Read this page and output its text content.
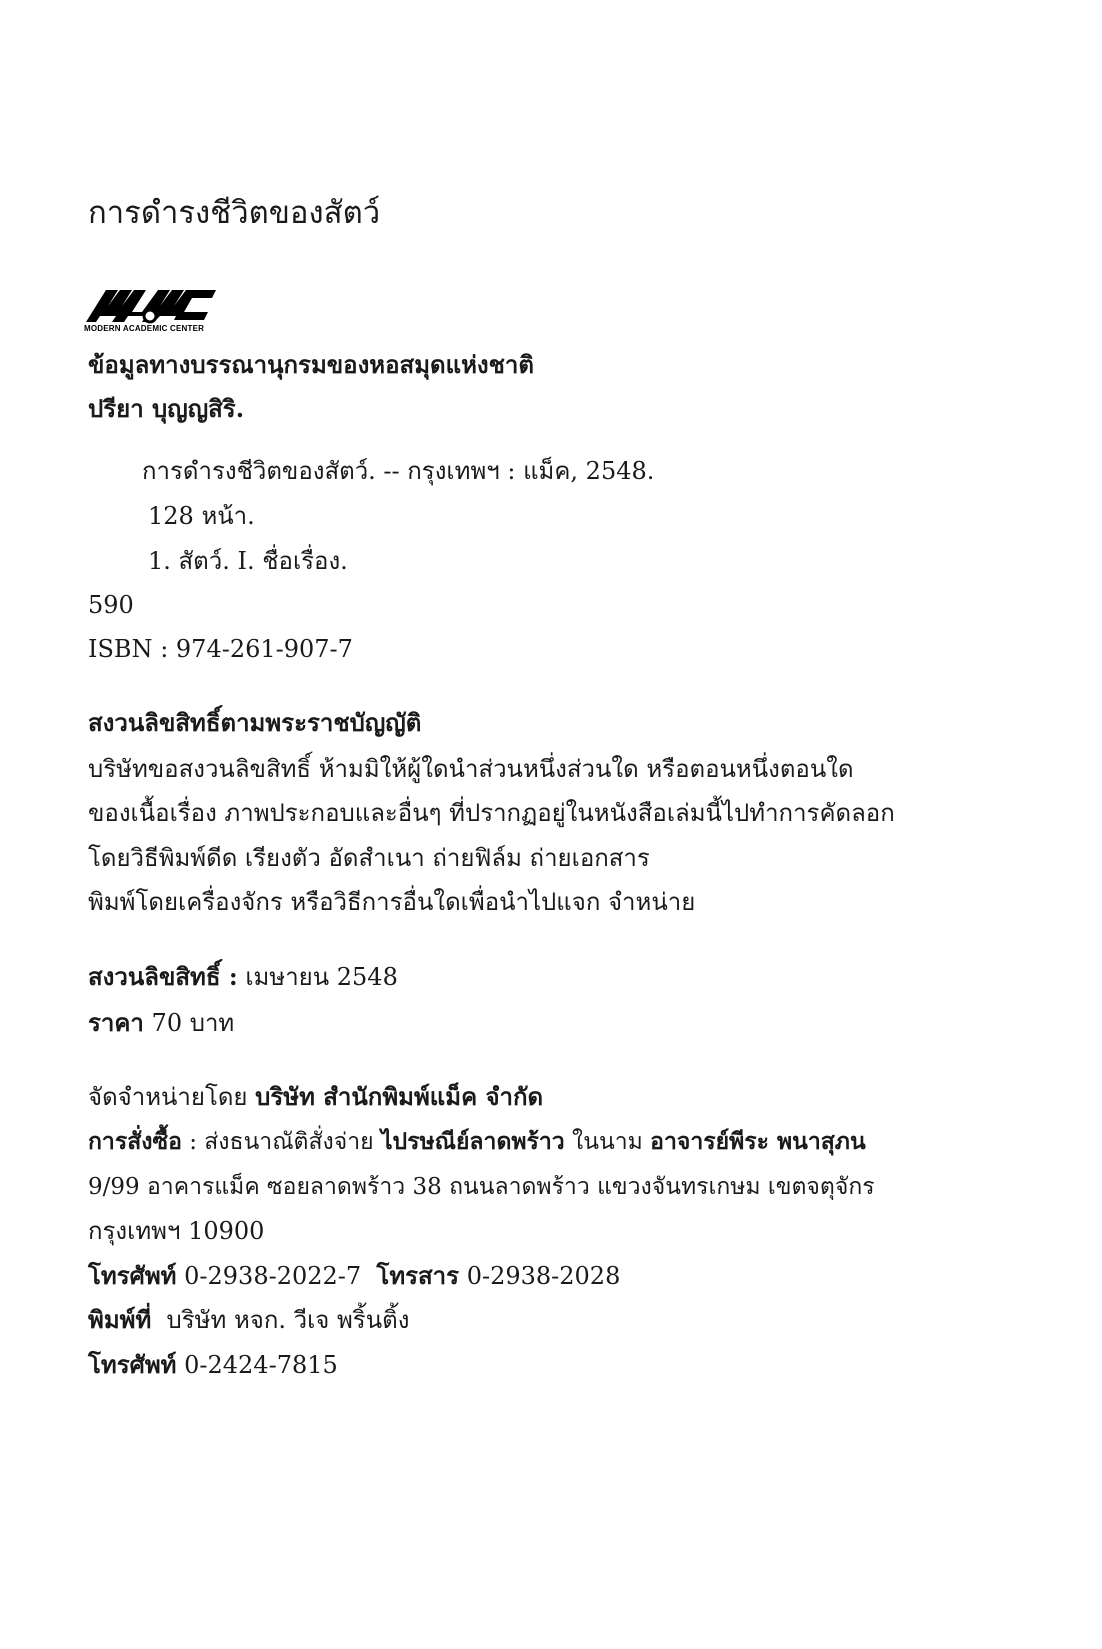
การดำรงชีวิตของสัตว์
MODERN ACADEMIC CENTER
ข้อมูลทางบรรณานุกรมของหอสมุดแห่งชาติ
ปรียา บุญญสิริ.
การดำรงชีวิตของสัตว์. -- กรุงเทพฯ : แม็ค, 2548.
128 หน้า.
1. สัตว์. I. ชื่อเรื่อง.
590
ISBN : 974-261-907-7
สงวนลิขสิทธิ์ตามพระราชบัญญัติ
บริษัทขอสงวนลิขสิทธิ์ ห้ามมิให้ผู้ใดนำส่วนหนึ่งส่วนใด หรือตอนหนึ่งตอนใด
ของเนื้อเรื่อง ภาพประกอบและอื่นๆ ที่ปรากฏอยู่ในหนังสือเล่มนี้ไปทำการคัดลอก
โดยวิธีพิมพ์ดีด เรียงตัว อัดสำเนา ถ่ายฟิล์ม ถ่ายเอกสาร
พิมพ์โดยเครื่องจักร หรือวิธีการอื่นใดเพื่อนำไปแจก จำหน่าย
สงวนลิขสิทธิ์ : เมษายน 2548
ราคา 70 บาท
จัดจำหน่ายโดย บริษัท สำนักพิมพ์แม็ค จำกัด
การสั่งซื้อ : ส่งธนาณัติสั่งจ่าย ไปรษณีย์ลาดพร้าว ในนาม อาจารย์พีระ พนาสุภน
9/99 อาคารแม็ค ซอยลาดพร้าว 38 ถนนลาดพร้าว แขวงจันทรเกษม เขตจตุจักร
กรุงเทพฯ 10900
โทรศัพท์ 0-2938-2022-7 โทรสาร 0-2938-2028
พิมพ์ที่ บริษัท หจก. วีเจ พริ้นติ้ง
โทรศัพท์ 0-2424-7815
